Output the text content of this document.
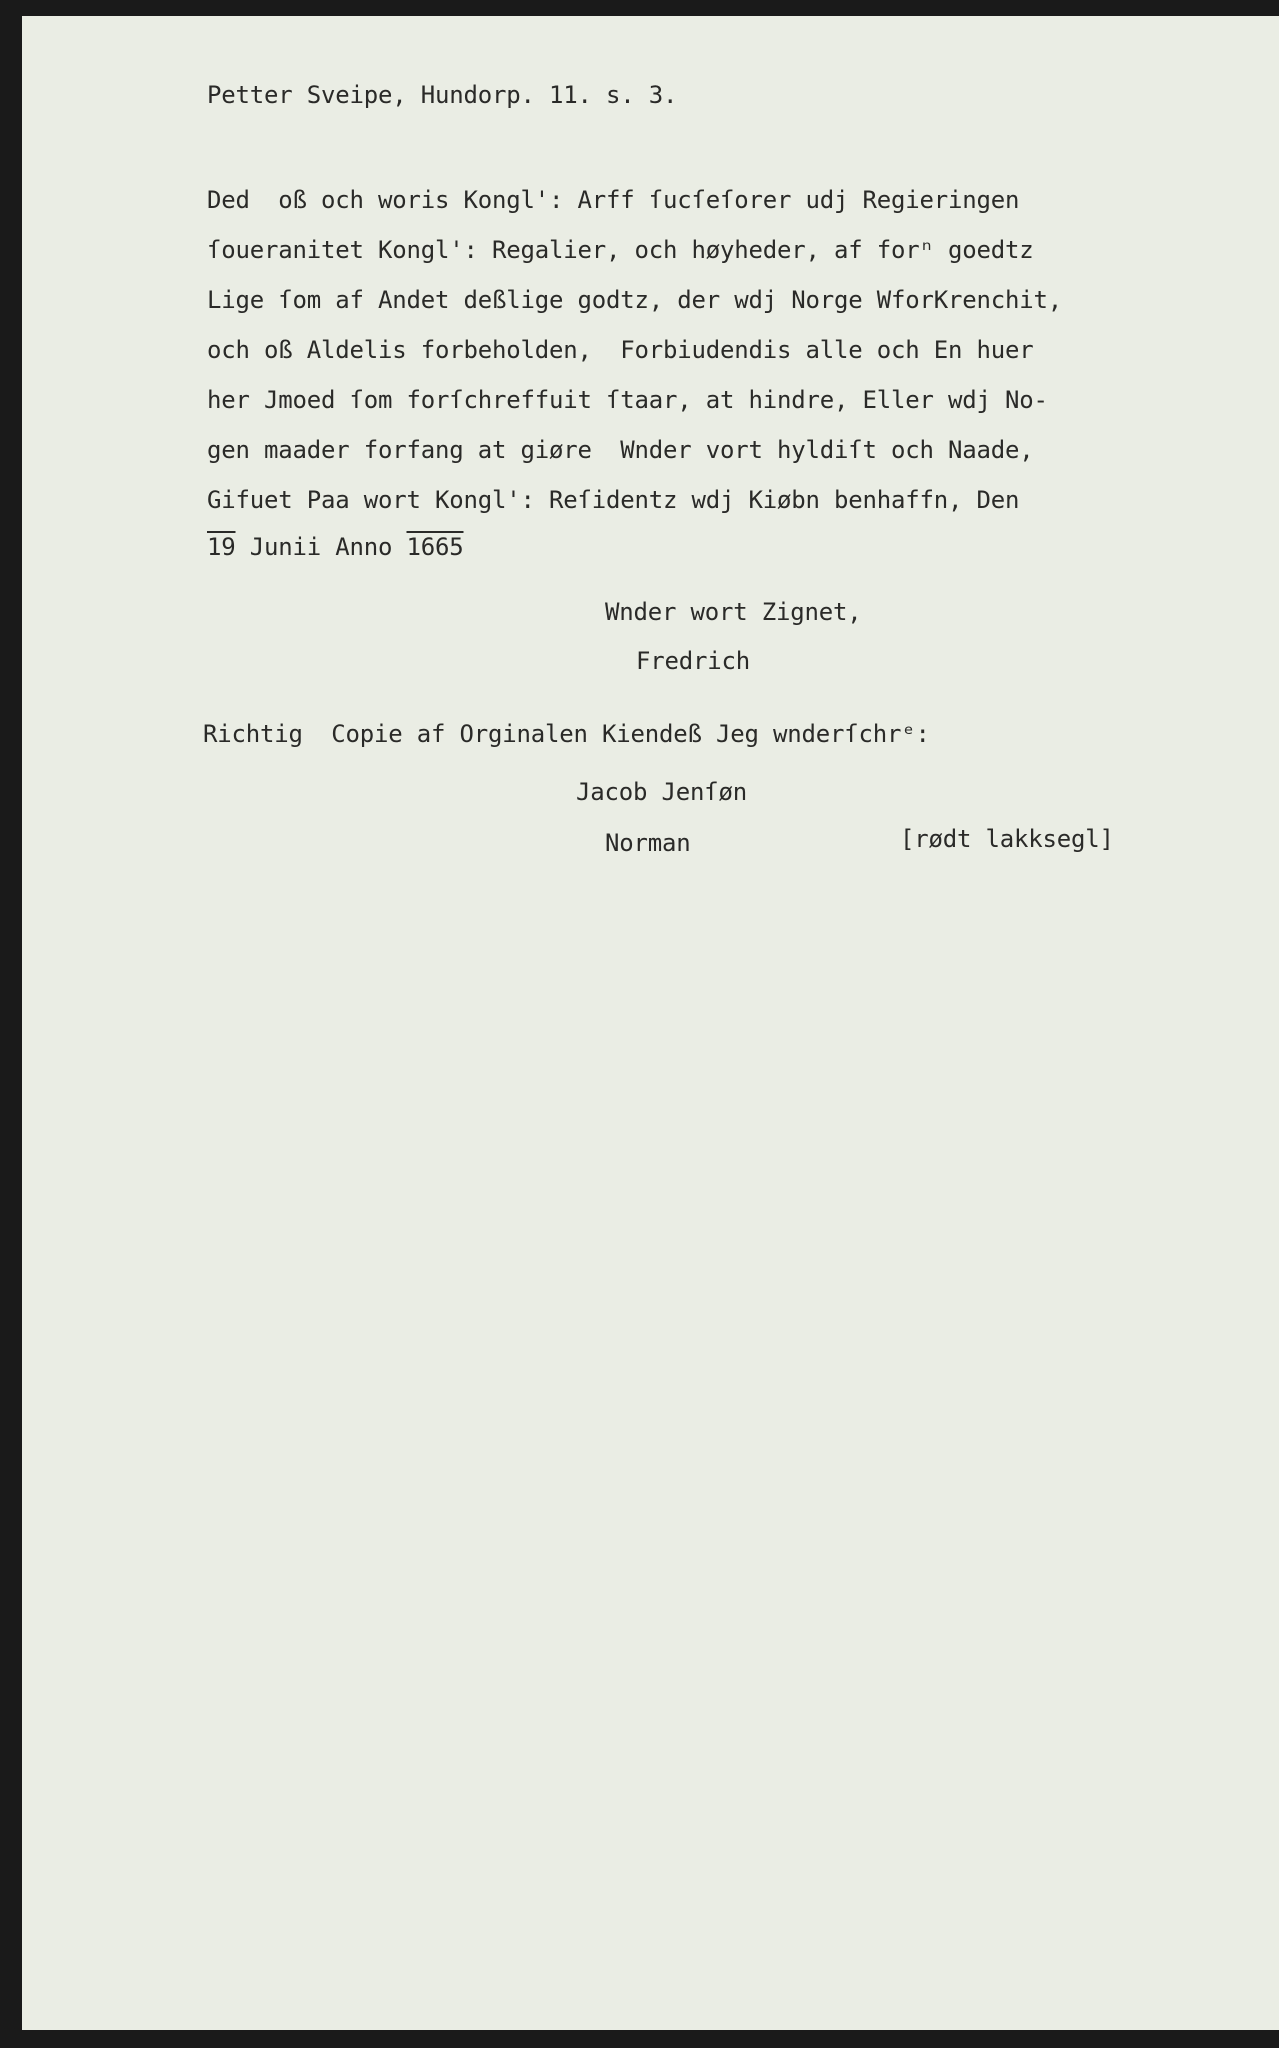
Petter Sveipe, Hundorp. 11. s. 3.

Ded  oß och woris Kongl': Arff ſucſeſorer udj Regieringen

ſoueranitet Kongl': Regalier, och høyheder, af forⁿ goedtz

Lige ſom af Andet deßlige godtz, der wdj Norge WforKrenchit,

och oß Aldelis forbeholden,  Forbiudendis alle och En huer

her Jmoed ſom forſchreffuit ſtaar, at hindre, Eller wdj No-

gen maader forfang at giøre  Wnder vort hyldiſt och Naade,

Gifuet Paa wort Kongl': Reſidentz wdj Kiøbn benhaffn, Den

19 Junii Anno 1665

Wnder wort Zignet,

Fredrich

Richtig  Copie af Orginalen Kiendeß Jeg wnderſchrᵉ:

Jacob Jenſøn

Norman	[rødt lakksegl]
